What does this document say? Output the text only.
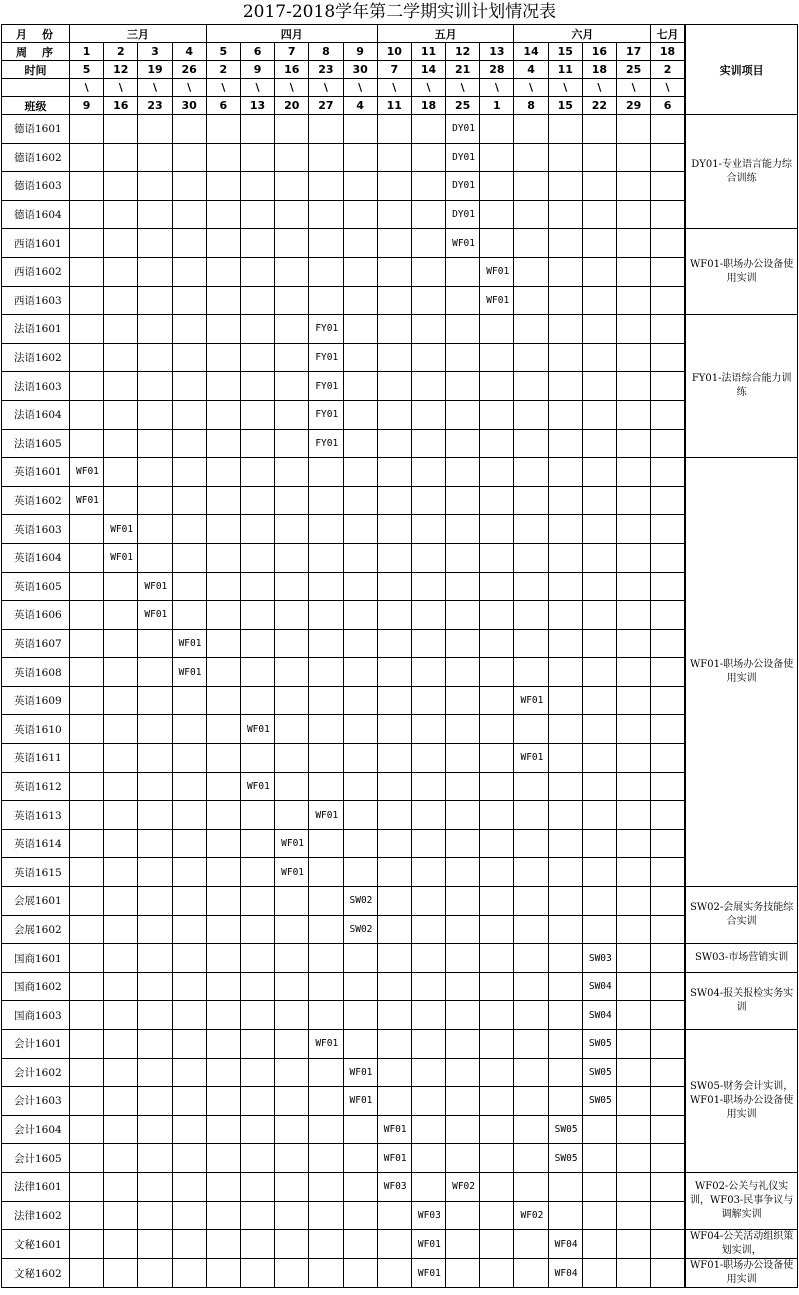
2017-2018学年第二学期实训计划情况表
月　份	三月				四月					五月				六月				七月	实训项目
周　序	1	2	3	4	5	6	7	8	9	10	11	12	13	14	15	16	17	18	
时间	5	12	19	26	2	9	16	23	30	7	14	21	28	4	11	18	25	2	
	\	\	\	\	\	\	\	\	\	\	\	\	\	\	\	\	\	\	
班级	9	16	23	30	6	13	20	27	4	11	18	25	1	8	15	22	29	6	
德语1601												DY01							DY01-专业语言能力综合训练
德语1602												DY01							
德语1603												DY01							
德语1604												DY01							
西语1601												WF01							WF01-职场办公设备使用实训
西语1602													WF01						
西语1603													WF01						
法语1601								FY01											FY01-法语综合能力训练
法语1602								FY01											
法语1603								FY01											
法语1604								FY01											
法语1605								FY01											
英语1601	WF01																		WF01-职场办公设备使用实训
英语1602	WF01																		
英语1603		WF01																	
英语1604		WF01																	
英语1605			WF01																
英语1606			WF01																
英语1607				WF01															
英语1608				WF01															
英语1609														WF01					
英语1610						WF01													
英语1611														WF01					
英语1612						WF01													
英语1613								WF01											
英语1614							WF01												
英语1615							WF01												
会展1601									SW02										SW02-会展实务技能综合实训
会展1602									SW02										
国商1601																SW03			SW03-市场营销实训
国商1602																SW04			SW04-报关报检实务实训
国商1603																SW04			
会计1601								WF01								SW05			SW05-财务会计实训，WF01-职场办公设备使用实训
会计1602									WF01							SW05			
会计1603									WF01							SW05			
会计1604										WF01					SW05				
会计1605										WF01					SW05				
法律1601										WF03		WF02							WF02-公关与礼仪实训，WF03-民事争议与调解实训
法律1602											WF03			WF02					
文秘1601											WF01				WF04				WF04-公关活动组织策划实训，
文秘1602											WF01				WF04				WF01-职场办公设备使用实训
